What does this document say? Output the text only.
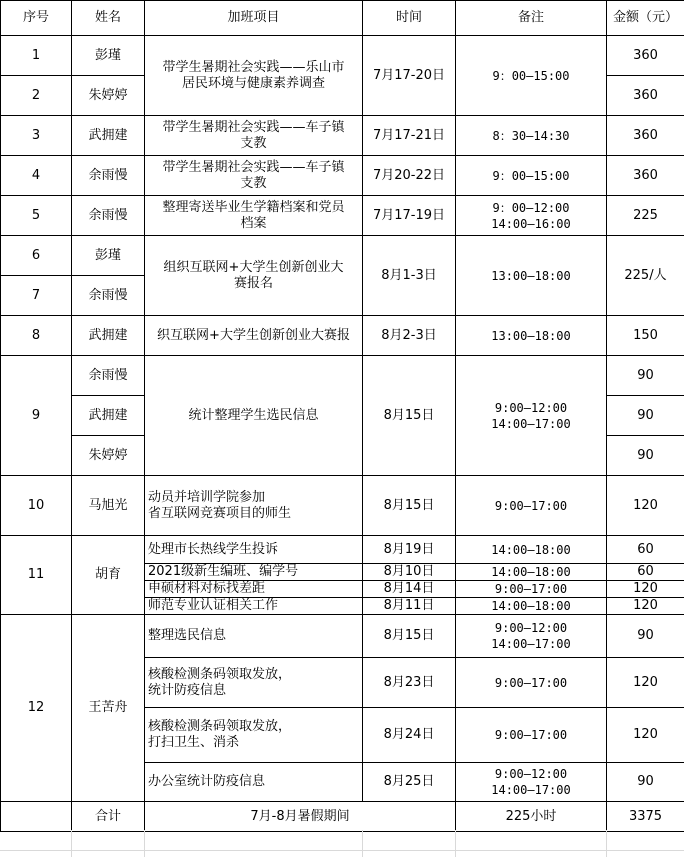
序号	姓名	加班项目	时间	备注	金额（元）
1	彭瑾	带学生暑期社会实践——乐山市
居民环境与健康素养调查	7月17-20日	9：00—15:00	360
2	朱婷婷				360
3	武拥建	带学生暑期社会实践——车子镇
支教	7月17-21日	8：30—14:30	360
4	余雨慢	带学生暑期社会实践——车子镇
支教	7月20-22日	9：00—15:00	360
5	余雨慢	整理寄送毕业生学籍档案和党员
档案	7月17-19日	9：00—12:00
14:00—16:00	225
6	彭瑾	组织互联网+大学生创新创业大
赛报名	8月1-3日	13:00—18:00	225/人
7	余雨慢				
8	武拥建	织互联网+大学生创新创业大赛报	8月2-3日	13:00—18:00	150
9	余雨慢	统计整理学生选民信息	8月15日	9:00—12:00
14:00—17:00	90
	武拥建				90
	朱婷婷				90
10	马旭光	动员并培训学院参加
省互联网竞赛项目的师生	8月15日	9:00—17:00	120
11	胡育	处理市长热线学生投诉	8月19日	14:00—18:00	60
		2021级新生编班、编学号	8月10日	14:00—18:00	60
		申硕材料对标找差距	8月14日	9:00—17:00	120
		师范专业认证相关工作	8月11日	14:00—18:00	120
12	王苦舟	整理选民信息	8月15日	9:00—12:00
14:00—17:00	90

		核酸检测条码领取发放，
统计防疫信息	8月23日	9:00—17:00	120

		核酸检测条码领取发放，
打扫卫生、消杀	8月24日	9:00—17:00	120
		办公室统计防疫信息	8月25日	9:00—12:00
14:00—17:00	90
	合计	7月-8月暑假期间		225小时	3375
